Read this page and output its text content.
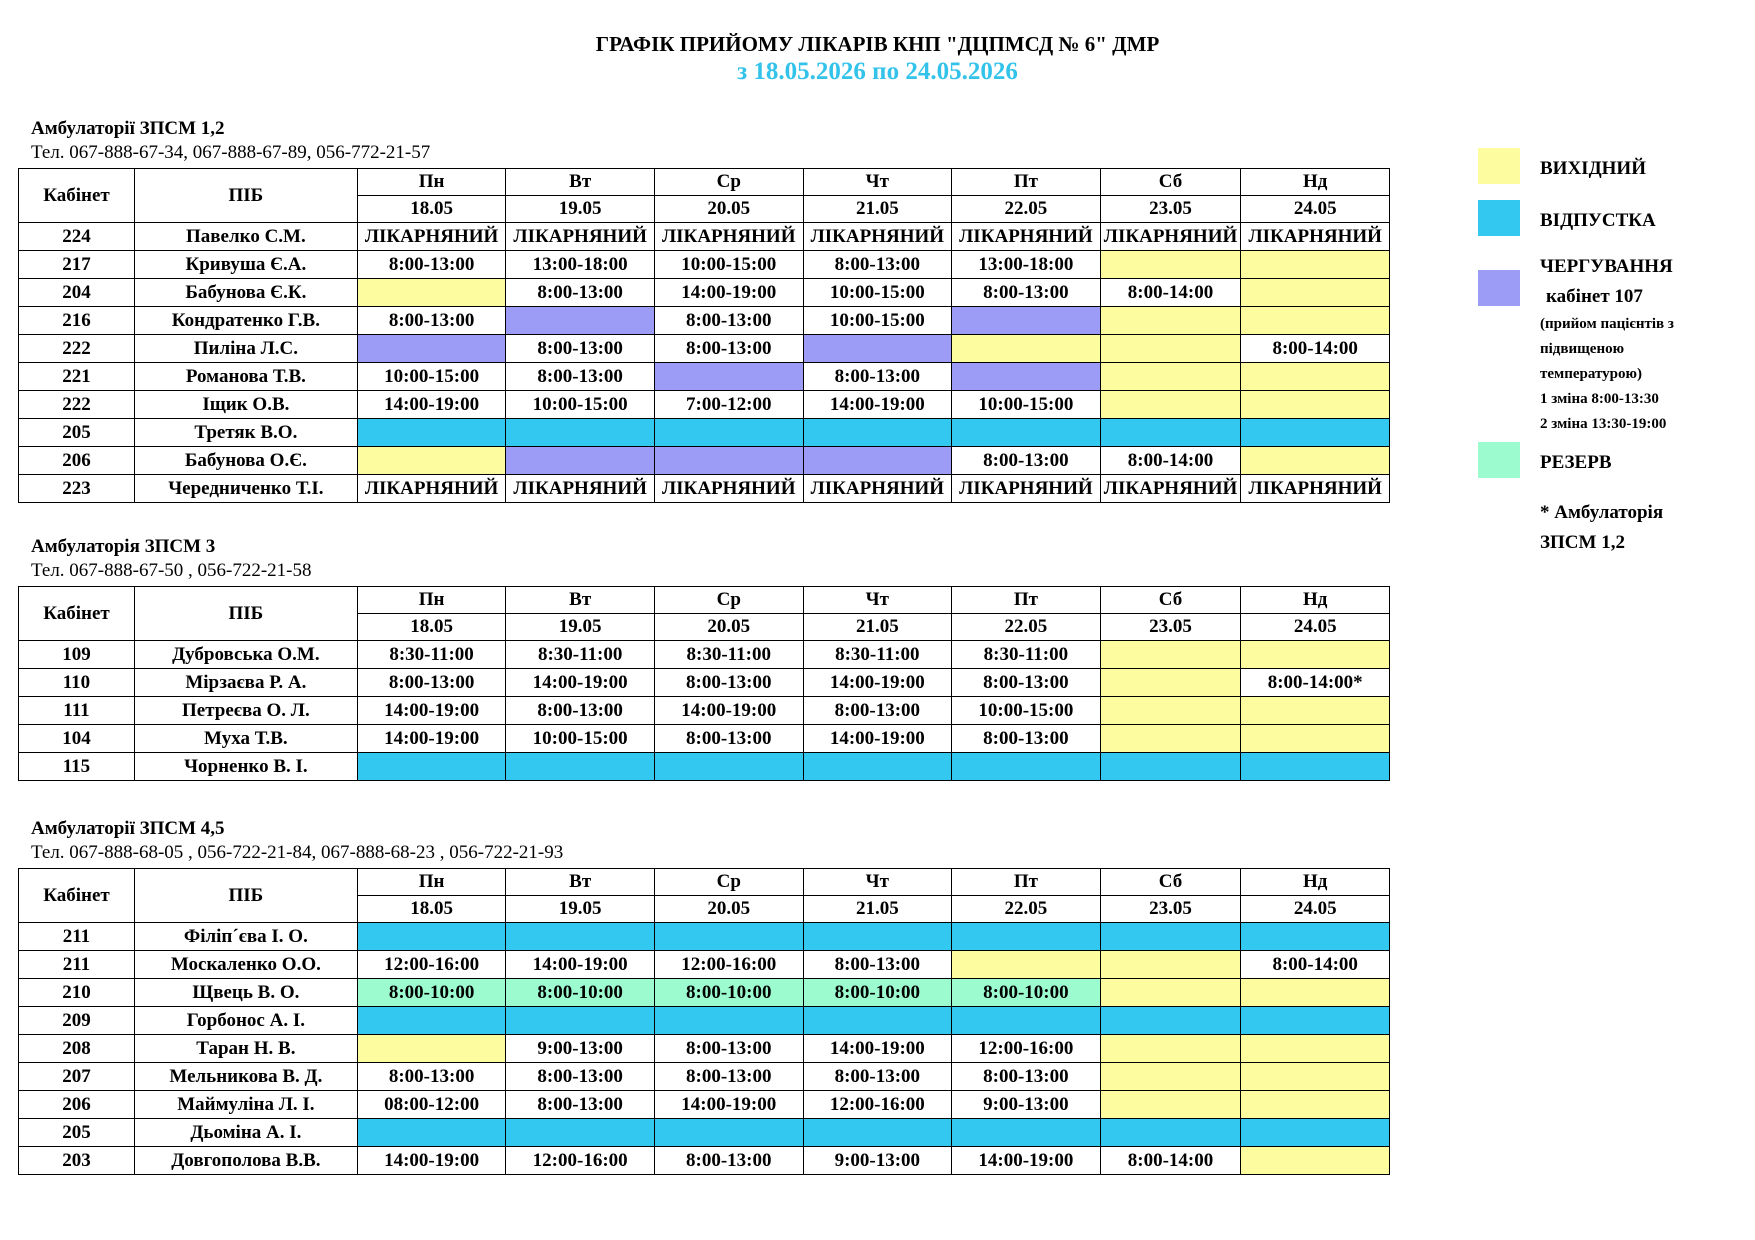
ГРАФІК ПРИЙОМУ ЛІКАРІВ КНП "ДЦПМСД № 6" ДМР
з 18.05.2026 по 24.05.2026
Амбулаторії ЗПСМ 1,2
Тел. 067-888-67-34, 067-888-67-89, 056-772-21-57
Кабінет	ПІБ	Пн	Вт	Ср	Чт	Пт	Сб	Нд
		18.05	19.05	20.05	21.05	22.05	23.05	24.05
224	Павелко С.М.	ЛІКАРНЯНИЙ	ЛІКАРНЯНИЙ	ЛІКАРНЯНИЙ	ЛІКАРНЯНИЙ	ЛІКАРНЯНИЙ	ЛІКАРНЯНИЙ	ЛІКАРНЯНИЙ
217	Кривуша Є.А.	8:00-13:00	13:00-18:00	10:00-15:00	8:00-13:00	13:00-18:00		
204	Бабунова Є.К.		8:00-13:00	14:00-19:00	10:00-15:00	8:00-13:00	8:00-14:00	
216	Кондратенко Г.В.	8:00-13:00		8:00-13:00	10:00-15:00			
222	Пиліна Л.С.		8:00-13:00	8:00-13:00				8:00-14:00
221	Романова Т.В.	10:00-15:00	8:00-13:00		8:00-13:00			
222	Іщик О.В.	14:00-19:00	10:00-15:00	7:00-12:00	14:00-19:00	10:00-15:00		
205	Третяк В.О.							
206	Бабунова О.Є.					8:00-13:00	8:00-14:00	
223	Чередниченко Т.І.	ЛІКАРНЯНИЙ	ЛІКАРНЯНИЙ	ЛІКАРНЯНИЙ	ЛІКАРНЯНИЙ	ЛІКАРНЯНИЙ	ЛІКАРНЯНИЙ	ЛІКАРНЯНИЙ
Амбулаторія ЗПСМ 3
Тел. 067-888-67-50 , 056-722-21-58
Кабінет	ПІБ	Пн	Вт	Ср	Чт	Пт	Сб	Нд
		18.05	19.05	20.05	21.05	22.05	23.05	24.05
109	Дубровська О.М.	8:30-11:00	8:30-11:00	8:30-11:00	8:30-11:00	8:30-11:00		
110	Мірзаєва Р. А.	8:00-13:00	14:00-19:00	8:00-13:00	14:00-19:00	8:00-13:00		8:00-14:00*
111	Петреєва О. Л.	14:00-19:00	8:00-13:00	14:00-19:00	8:00-13:00	10:00-15:00		
104	Муха Т.В.	14:00-19:00	10:00-15:00	8:00-13:00	14:00-19:00	8:00-13:00		
115	Чорненко В. І.							
Амбулаторії ЗПСМ 4,5
Тел. 067-888-68-05 , 056-722-21-84, 067-888-68-23 , 056-722-21-93
Кабінет	ПІБ	Пн	Вт	Ср	Чт	Пт	Сб	Нд
		18.05	19.05	20.05	21.05	22.05	23.05	24.05
211	Філіп´єва І. О.							
211	Москаленко О.О.	12:00-16:00	14:00-19:00	12:00-16:00	8:00-13:00			8:00-14:00
210	Щвець В. О.	8:00-10:00	8:00-10:00	8:00-10:00	8:00-10:00	8:00-10:00		
209	Горбонос А. І.							
208	Таран Н. В.		9:00-13:00	8:00-13:00	14:00-19:00	12:00-16:00		
207	Мельникова В. Д.	8:00-13:00	8:00-13:00	8:00-13:00	8:00-13:00	8:00-13:00		
206	Маймуліна Л. І.	08:00-12:00	8:00-13:00	14:00-19:00	12:00-16:00	9:00-13:00		
205	Дьоміна А. І.							
203	Довгополова В.В.	14:00-19:00	12:00-16:00	8:00-13:00	9:00-13:00	14:00-19:00	8:00-14:00	
ВИХІДНИЙ
ВІДПУСТКА
ЧЕРГУВАННЯ
кабінет 107
(прийом пацієнтів з
підвищеною
температурою)
1 зміна 8:00-13:30
2 зміна 13:30-19:00
РЕЗЕРВ
* Амбулаторія
ЗПСМ 1,2
